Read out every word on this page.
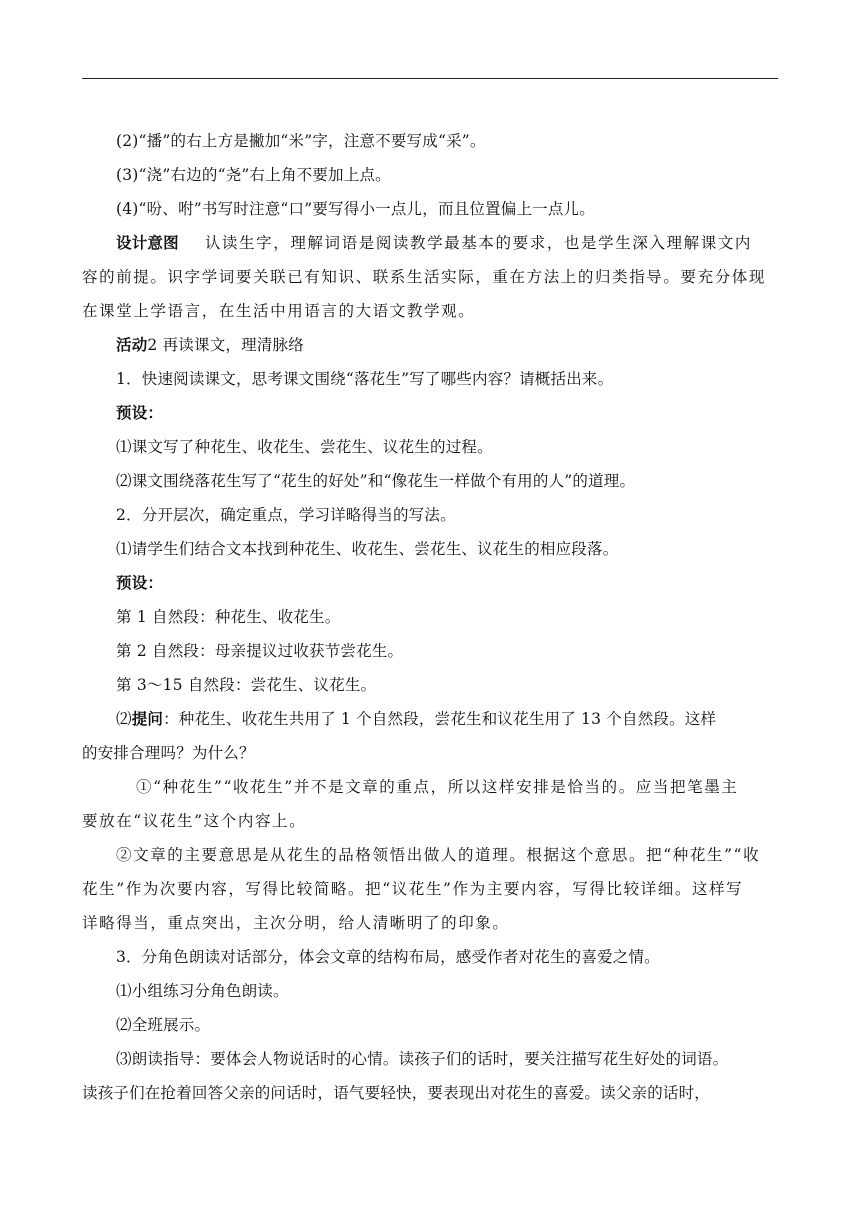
(2)“播”的右上方是撇加“米”字，注意不要写成“采”。
(3)“浇”右边的“尧”右上角不要加上点。
(4)“吩、咐”书写时注意“口”要写得小一点儿，而且位置偏上一点儿。
设计意图 认读生字，理解词语是阅读教学最基本的要求，也是学生深入理解课文内
容的前提。识字学词要关联已有知识、联系生活实际，重在方法上的归类指导。要充分体现
在课堂上学语言，在生活中用语言的大语文教学观。
活动2 再读课文，理清脉络
1．快速阅读课文，思考课文围绕“落花生”写了哪些内容？请概括出来。
预设：
⑴课文写了种花生、收花生、尝花生、议花生的过程。
⑵课文围绕落花生写了“花生的好处”和“像花生一样做个有用的人”的道理。
2．分开层次，确定重点，学习详略得当的写法。
⑴请学生们结合文本找到种花生、收花生、尝花生、议花生的相应段落。
预设：
第 1 自然段：种花生、收花生。
第 2 自然段：母亲提议过收获节尝花生。
第 3～15 自然段：尝花生、议花生。
⑵提问：种花生、收花生共用了 1 个自然段，尝花生和议花生用了 13 个自然段。这样
的安排合理吗？为什么？
①“种花生”“收花生”并不是文章的重点，所以这样安排是恰当的。应当把笔墨主
要放在“议花生”这个内容上。
②文章的主要意思是从花生的品格领悟出做人的道理。根据这个意思。把“种花生”“收
花生”作为次要内容，写得比较简略。把“议花生”作为主要内容，写得比较详细。这样写
详略得当，重点突出，主次分明，给人清晰明了的印象。
3．分角色朗读对话部分，体会文章的结构布局，感受作者对花生的喜爱之情。
⑴小组练习分角色朗读。
⑵全班展示。
⑶朗读指导：要体会人物说话时的心情。读孩子们的话时，要关注描写花生好处的词语。
读孩子们在抢着回答父亲的问话时，语气要轻快，要表现出对花生的喜爱。读父亲的话时，
